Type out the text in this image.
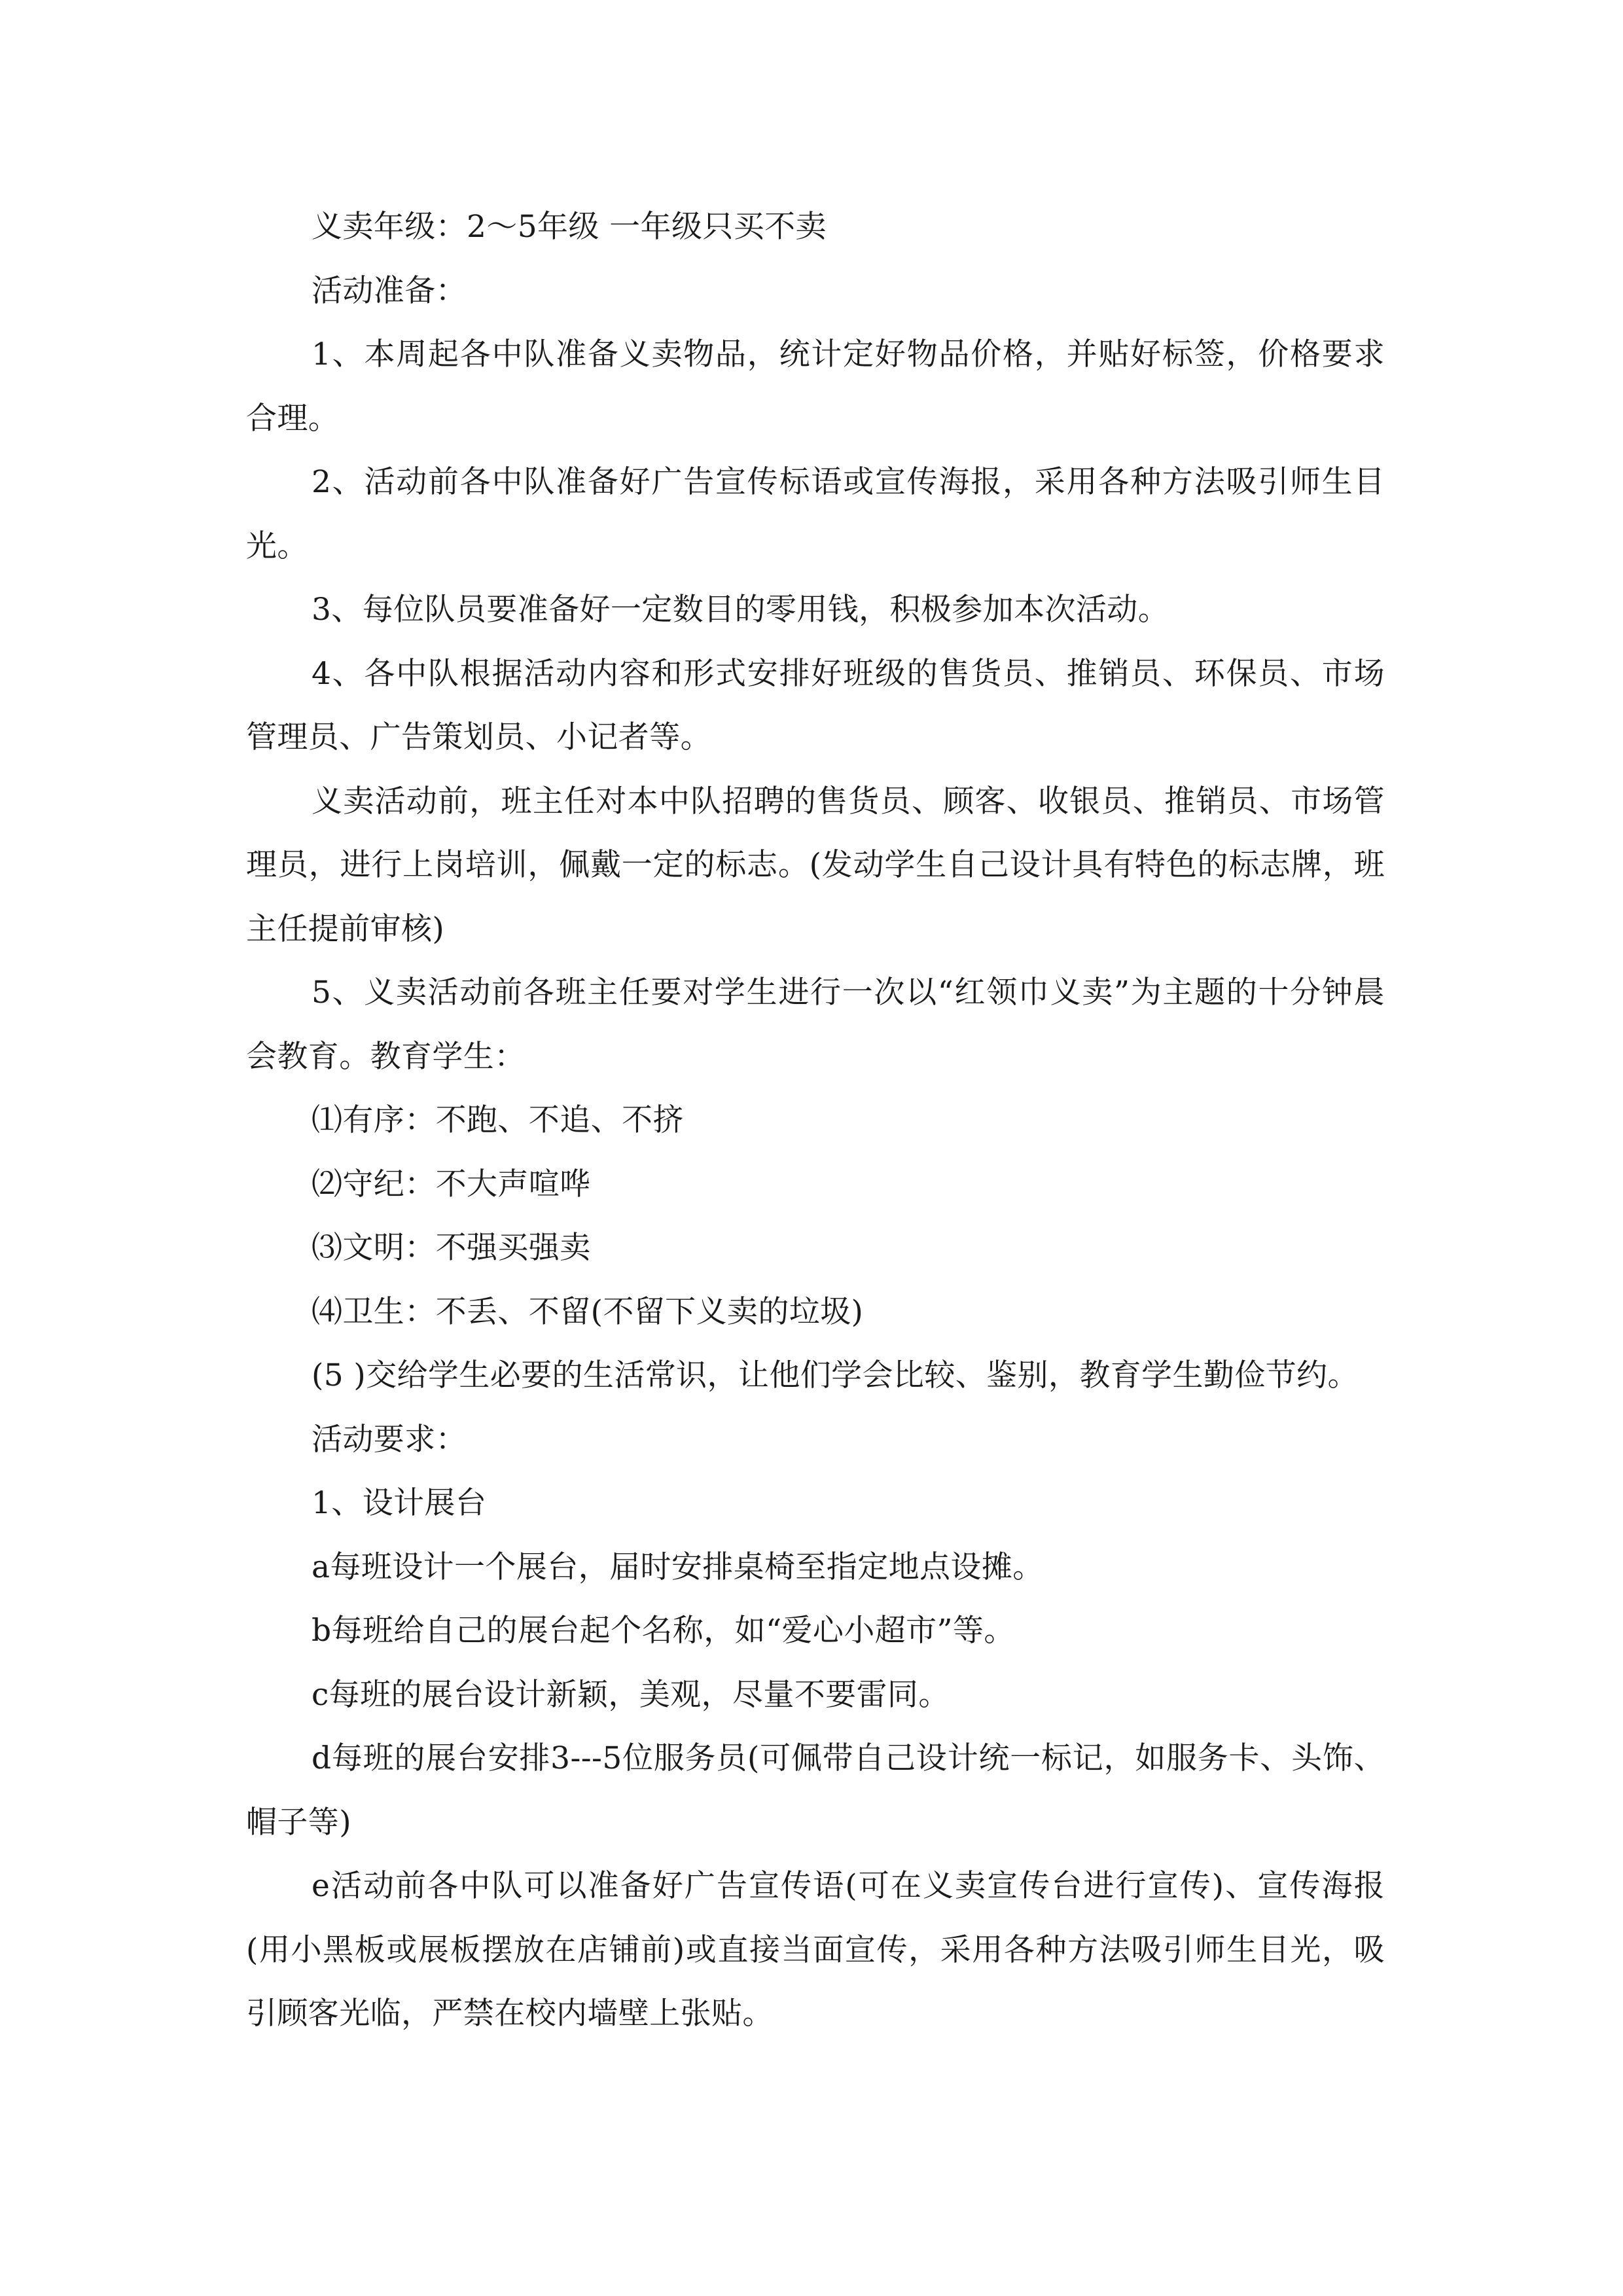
义卖年级：2～5年级 一年级只买不卖

活动准备：

1、本周起各中队准备义卖物品，统计定好物品价格，并贴好标签，价格要求合理。

2、活动前各中队准备好广告宣传标语或宣传海报，采用各种方法吸引师生目光。

3、每位队员要准备好一定数目的零用钱，积极参加本次活动。

4、各中队根据活动内容和形式安排好班级的售货员、推销员、环保员、市场管理员、广告策划员、小记者等。

义卖活动前，班主任对本中队招聘的售货员、顾客、收银员、推销员、市场管理员，进行上岗培训，佩戴一定的标志。(发动学生自己设计具有特色的标志牌，班主任提前审核)

5、义卖活动前各班主任要对学生进行一次以“红领巾义卖”为主题的十分钟晨会教育。教育学生：

⑴有序：不跑、不追、不挤

⑵守纪：不大声喧哗

⑶文明：不强买强卖

⑷卫生：不丢、不留(不留下义卖的垃圾)

(5 )交给学生必要的生活常识，让他们学会比较、鉴别，教育学生勤俭节约。

活动要求：

1、设计展台

a每班设计一个展台，届时安排桌椅至指定地点设摊。

b每班给自己的展台起个名称，如“爱心小超市”等。

c每班的展台设计新颖，美观，尽量不要雷同。

d每班的展台安排3---5位服务员(可佩带自己设计统一标记，如服务卡、头饰、帽子等)

e活动前各中队可以准备好广告宣传语(可在义卖宣传台进行宣传)、宣传海报(用小黑板或展板摆放在店铺前)或直接当面宣传，采用各种方法吸引师生目光，吸引顾客光临，严禁在校内墙壁上张贴。
